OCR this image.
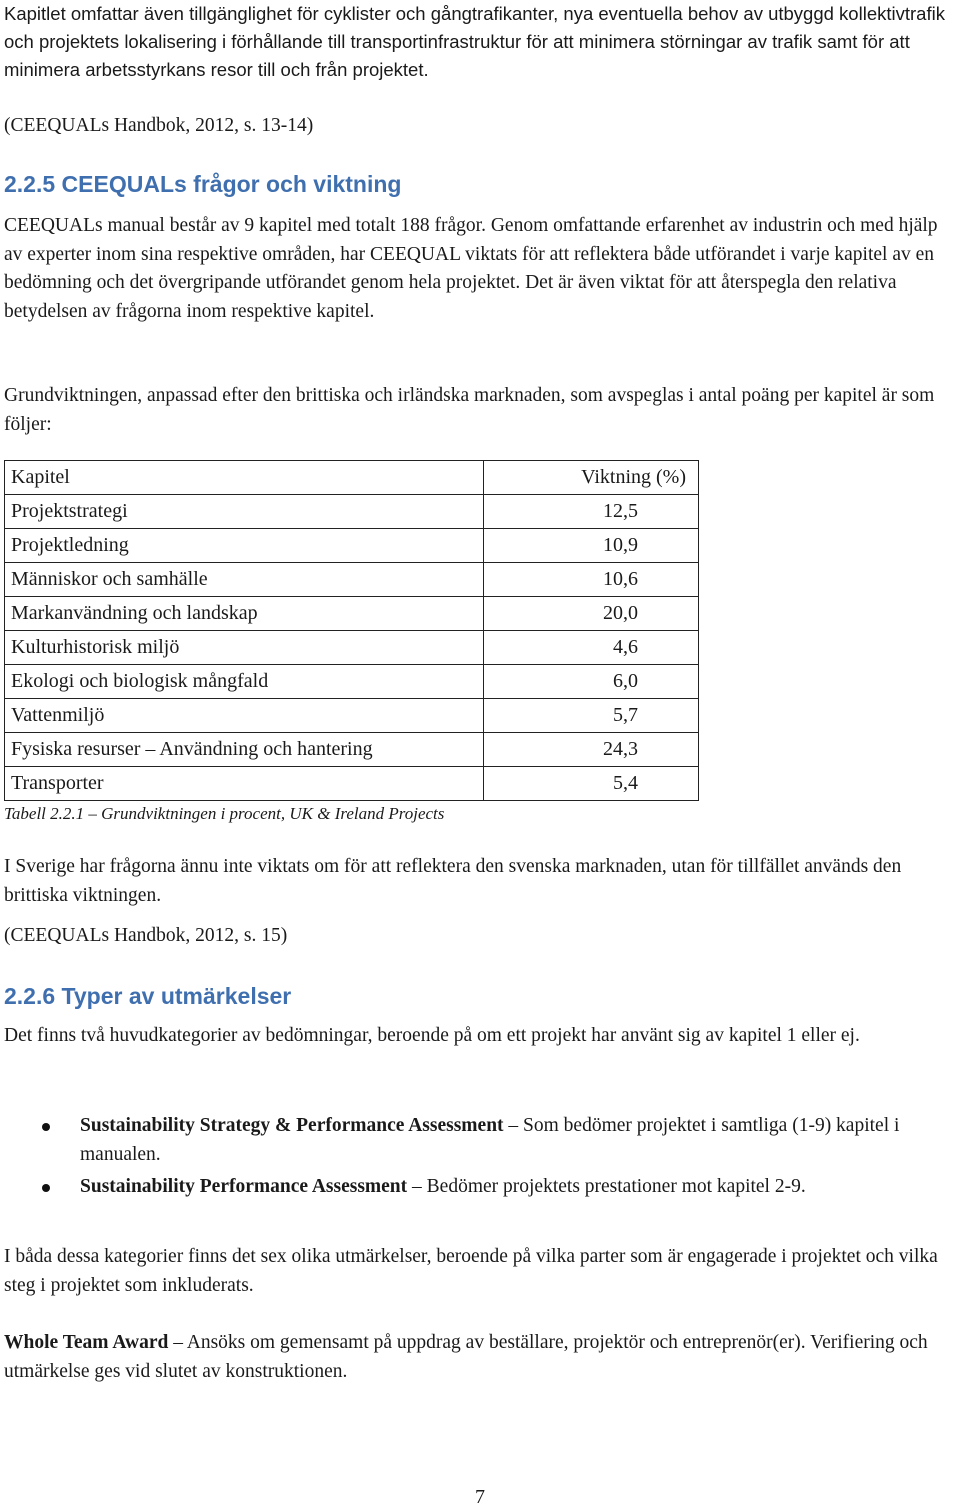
Kapitlet omfattar även tillgänglighet för cyklister och gångtrafikanter, nya eventuella behov av utbyggd kollektivtrafik och projektets lokalisering i förhållande till transportinfrastruktur för att minimera störningar av trafik samt för att minimera arbetsstyrkans resor till och från projektet.

(CEEQUALs Handbok, 2012, s. 13-14)

2.2.5 CEEQUALs frågor och viktning

CEEQUALs manual består av 9 kapitel med totalt 188 frågor. Genom omfattande erfarenhet av industrin och med hjälp av experter inom sina respektive områden, har CEEQUAL viktats för att reflektera både utförandet i varje kapitel av en bedömning och det övergripande utförandet genom hela projektet. Det är även viktat för att återspegla den relativa betydelsen av frågorna inom respektive kapitel.

Grundviktningen, anpassad efter den brittiska och irländska marknaden, som avspeglas i antal poäng per kapitel är som följer:

Kapitel	Viktning (%)
Projektstrategi	12,5
Projektledning	10,9
Människor och samhälle	10,6
Markanvändning och landskap	20,0
Kulturhistorisk miljö	4,6
Ekologi och biologisk mångfald	6,0
Vattenmiljö	5,7
Fysiska resurser – Användning och hantering	24,3
Transporter	5,4
Tabell 2.2.1 – Grundviktningen i procent, UK & Ireland Projects

I Sverige har frågorna ännu inte viktats om för att reflektera den svenska marknaden, utan för tillfället används den brittiska viktningen.

(CEEQUALs Handbok, 2012, s. 15)

2.2.6 Typer av utmärkelser

Det finns två huvudkategorier av bedömningar, beroende på om ett projekt har använt sig av kapitel 1 eller ej.

Sustainability Strategy & Performance Assessment – Som bedömer projektet i samtliga (1-9) kapitel i manualen.
Sustainability Performance Assessment – Bedömer projektets prestationer mot kapitel 2-9.

I båda dessa kategorier finns det sex olika utmärkelser, beroende på vilka parter som är engagerade i projektet och vilka steg i projektet som inkluderats.

Whole Team Award – Ansöks om gemensamt på uppdrag av beställare, projektör och entreprenör(er). Verifiering och utmärkelse ges vid slutet av konstruktionen.

7
